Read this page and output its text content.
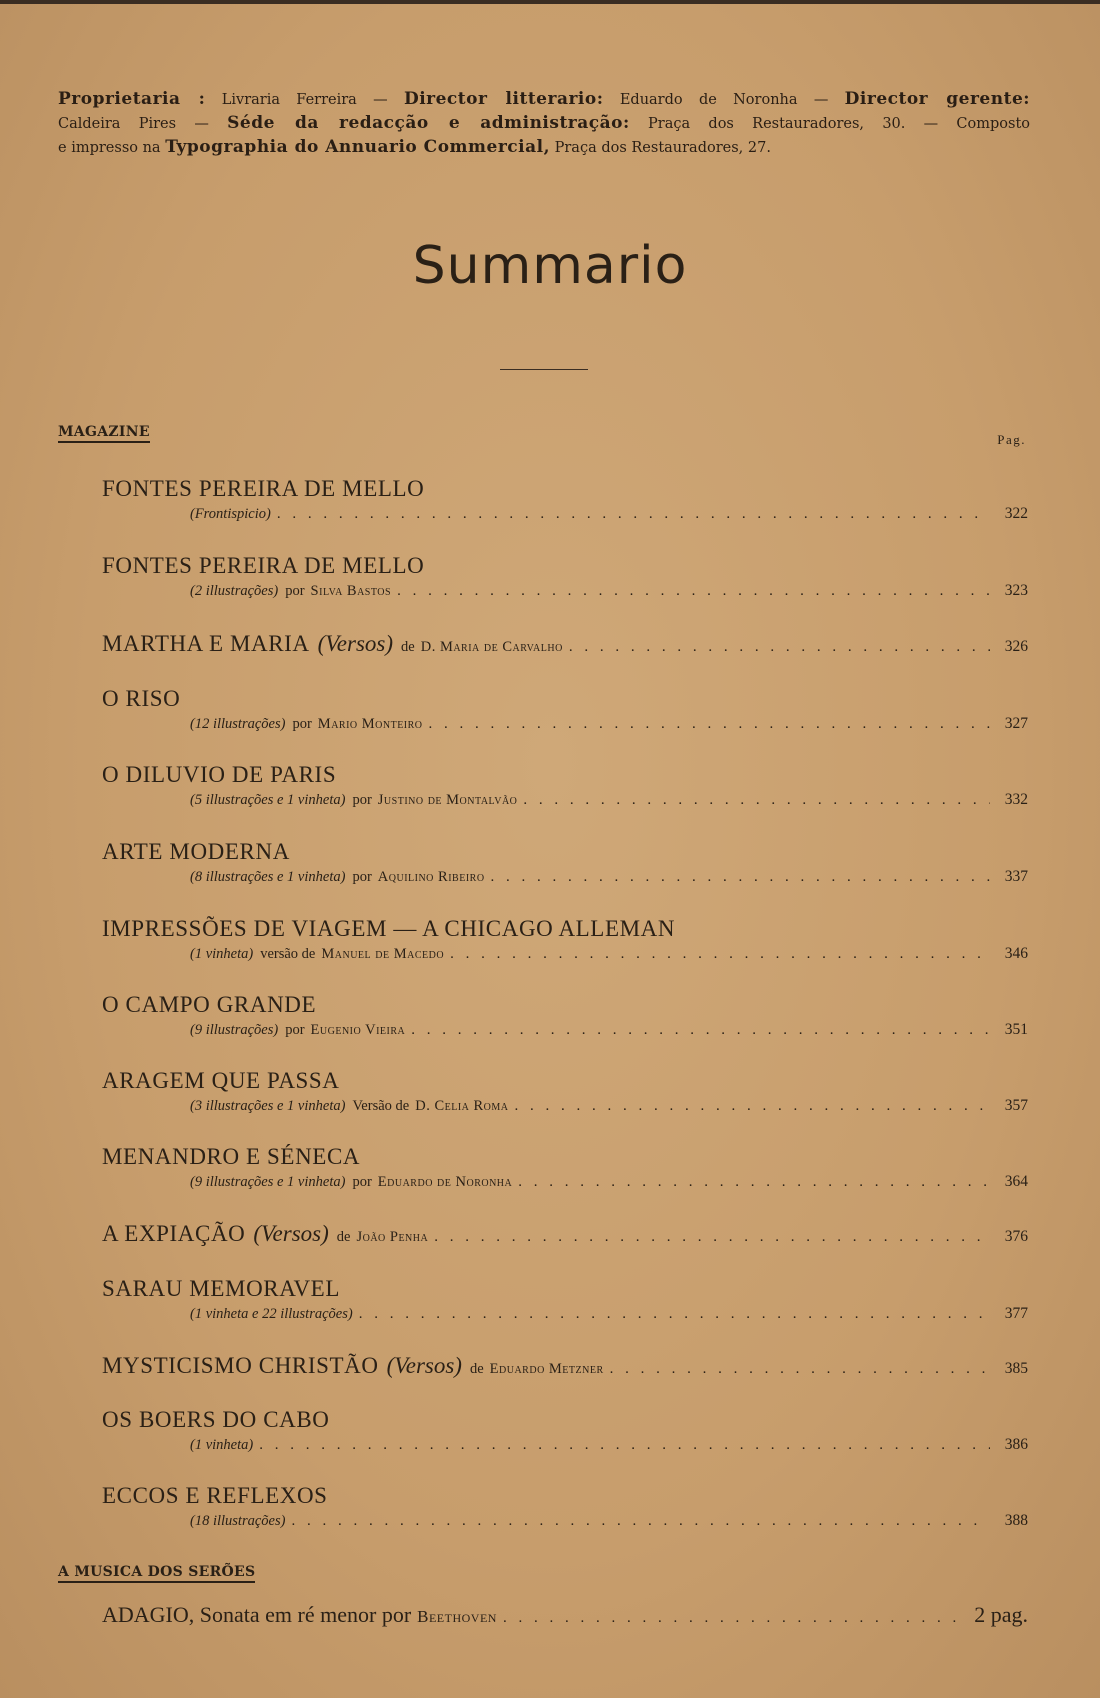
Proprietaria : Livraria Ferreira — Director litterario: Eduardo de Noronha — Director gerente:
Caldeira Pires — Séde da redacção e administração: Praça dos Restauradores, 30. — Composto
e impresso na Typographia do Annuario Commercial, Praça dos Restauradores, 27.
Summario
MAGAZINE	Pag.
FONTES PEREIRA DE MELLO
(Frontispicio) . . .	322
FONTES PEREIRA DE MELLO
(2 illustrações) por Silva Bastos . . .	323
MARTHA E MARIA (Versos) de D. Maria de Carvalho . . .	326
O RISO
(12 illustrações) por Mario Monteiro . . .	327
O DILUVIO DE PARIS
(5 illustrações e 1 vinheta) por Justino de Montalvão . . .	332
ARTE MODERNA
(8 illustrações e 1 vinheta) por Aquilino Ribeiro . . .	337
IMPRESSÕES DE VIAGEM — A CHICAGO ALLEMAN
(1 vinheta) versão de Manuel de Macedo . . .	346
O CAMPO GRANDE
(9 illustrações) por Eugenio Vieira . . .	351
ARAGEM QUE PASSA
(3 illustrações e 1 vinheta) Versão de D. Celia Roma . . .	357
MENANDRO E SÉNECA
(9 illustrações e 1 vinheta) por Eduardo de Noronha . . .	364
A EXPIAÇÃO (Versos) de João Penha . . .	376
SARAU MEMORAVEL
(1 vinheta e 22 illustrações) . . .	377
MYSTICISMO CHRISTÃO (Versos) de Eduardo Metzner . . .	385
OS BOERS DO CABO
(1 vinheta) . . .	386
ECCOS E REFLEXOS
(18 illustrações) . . .	388
A MUSICA DOS SERÕES
ADAGIO, Sonata em ré menor por Beethoven . . .	2 pag.
